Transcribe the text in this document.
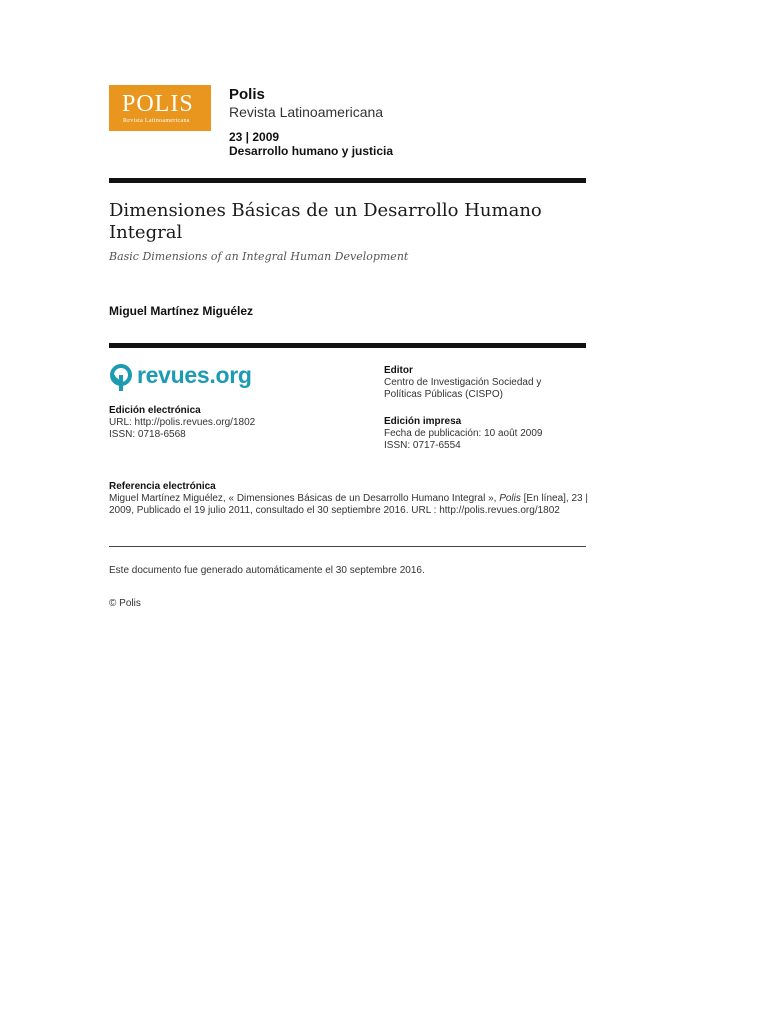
POLIS
Revista Latinoamericana
Polis
Revista Latinoamericana
23 | 2009
Desarrollo humano y justicia
Dimensiones Básicas de un Desarrollo Humano Integral
Basic Dimensions of an Integral Human Development
Miguel Martínez Miguélez
revues.org
Edición electrónica
URL: http://polis.revues.org/1802
ISSN: 0718-6568
Editor
Centro de Investigación Sociedad y
Políticas Públicas (CISPO)
Edición impresa
Fecha de publicación: 10 août 2009
ISSN: 0717-6554
Referencia electrónica
Miguel Martínez Miguélez, « Dimensiones Básicas de un Desarrollo Humano Integral », Polis [En línea], 23 | 2009, Publicado el 19 julio 2011, consultado el 30 septiembre 2016. URL : http://polis.revues.org/1802
Este documento fue generado automáticamente el 30 septembre 2016.
© Polis
